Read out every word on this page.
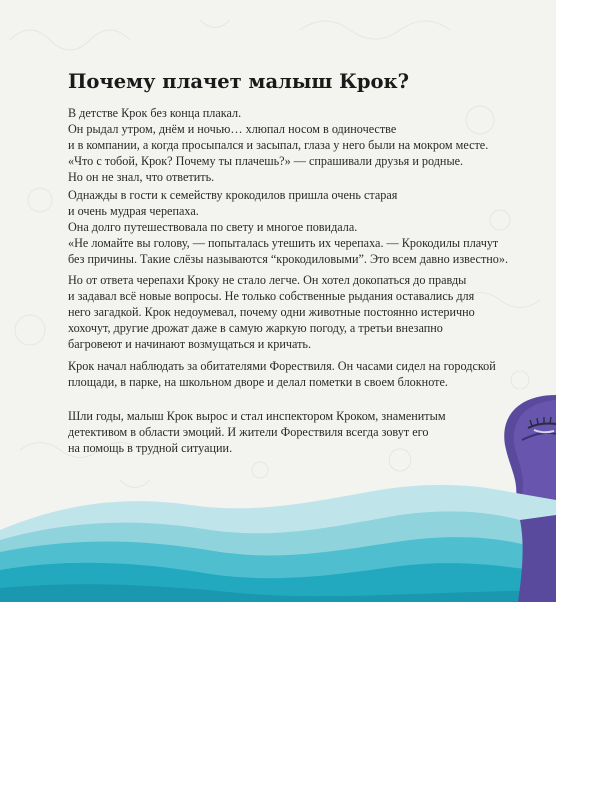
Почему плачет малыш Крок?

В детстве Крок без конца плакал.
Он рыдал утром, днём и ночью… хлюпал носом в одиночестве
и в компании, а когда просыпался и засыпал, глаза у него были на мокром месте.
«Что с тобой, Крок? Почему ты плачешь?» — спрашивали друзья и родные.
Но он не знал, что ответить.

Однажды в гости к семейству крокодилов пришла очень старая
и очень мудрая черепаха.
Она долго путешествовала по свету и многое повидала.
«Не ломайте вы голову, — попыталась утешить их черепаха. — Крокодилы плачут
без причины. Такие слёзы называются “крокодиловыми”. Это всем давно известно».

Но от ответа черепахи Кроку не стало легче. Он хотел докопаться до правды
и задавал всё новые вопросы. Не только собственные рыдания оставались для
него загадкой. Крок недоумевал, почему одни животные постоянно истерично
хохочут, другие дрожат даже в самую жаркую погоду, а третьи внезапно
багровеют и начинают возмущаться и кричать.

Крок начал наблюдать за обитателями Форествиля. Он часами сидел на городской
площади, в парке, на школьном дворе и делал пометки в своем блокноте.

Шли годы, малыш Крок вырос и стал инспектором Кроком, знаменитым
детективом в области эмоций. И жители Форествиля всегда зовут его
на помощь в трудной ситуации.
